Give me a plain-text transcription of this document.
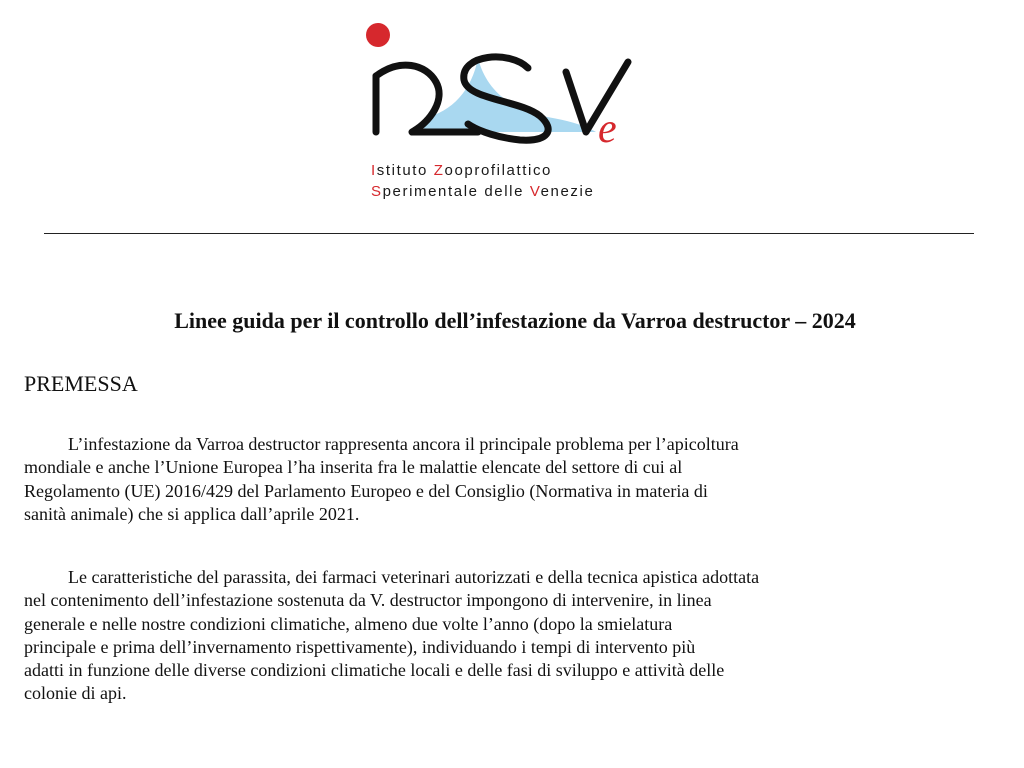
e
Istituto Zooprofilattico
Sperimentale delle Venezie
Linee guida per il controllo dell’infestazione da Varroa destructor – 2024
PREMESSA

L’infestazione da Varroa destructor rappresenta ancora il principale problema per l’apicoltura
mondiale e anche l’Unione Europea l’ha inserita fra le malattie elencate del settore di cui al
Regolamento (UE) 2016/429 del Parlamento Europeo e del Consiglio (Normativa in materia di
sanità animale) che si applica dall’aprile 2021.

Le caratteristiche del parassita, dei farmaci veterinari autorizzati e della tecnica apistica adottata
nel contenimento dell’infestazione sostenuta da V. destructor impongono di intervenire, in linea
generale e nelle nostre condizioni climatiche, almeno due volte l’anno (dopo la smielatura
principale e prima dell’invernamento rispettivamente), individuando i tempi di intervento più
adatti in funzione delle diverse condizioni climatiche locali e delle fasi di sviluppo e attività delle
colonie di api.
